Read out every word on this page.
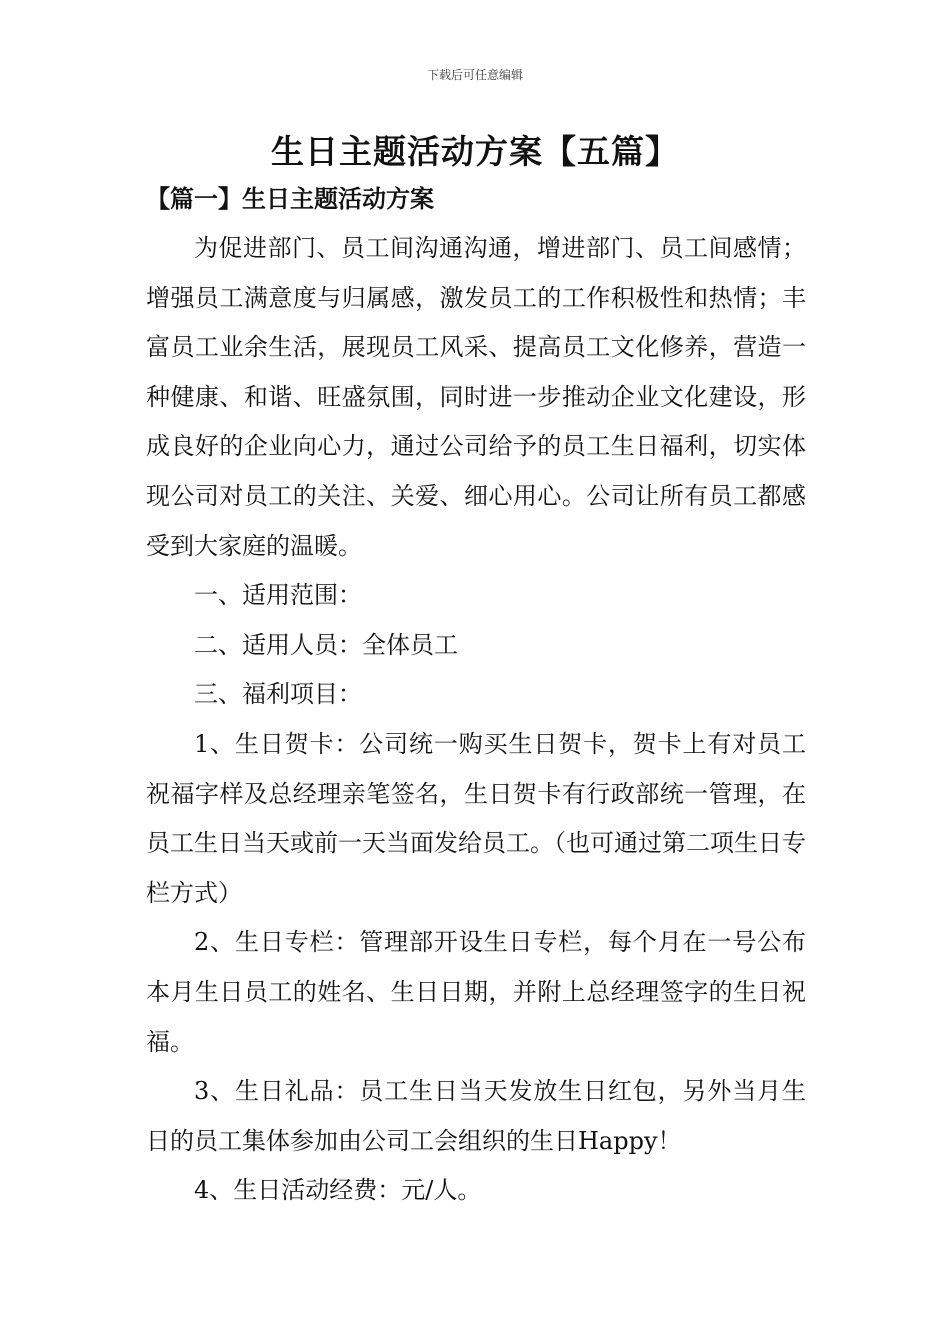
下载后可任意编辑
生日主题活动方案【五篇】
【篇一】生日主题活动方案

为促进部门、员工间沟通沟通，增进部门、员工间感情；增强员工满意度与归属感，激发员工的工作积极性和热情；丰富员工业余生活，展现员工风采、提高员工文化修养，营造一种健康、和谐、旺盛氛围，同时进一步推动企业文化建设，形成良好的企业向心力，通过公司给予的员工生日福利，切实体现公司对员工的关注、关爱、细心用心。公司让所有员工都感受到大家庭的温暖。

一、适用范围：

二、适用人员：全体员工

三、福利项目：

1、生日贺卡：公司统一购买生日贺卡，贺卡上有对员工祝福字样及总经理亲笔签名，生日贺卡有行政部统一管理，在员工生日当天或前一天当面发给员工。（也可通过第二项生日专栏方式）

2、生日专栏：管理部开设生日专栏，每个月在一号公布本月生日员工的姓名、生日日期，并附上总经理签字的生日祝福。

3、生日礼品：员工生日当天发放生日红包，另外当月生日的员工集体参加由公司工会组织的生日Happy！

4、生日活动经费：元/人。
